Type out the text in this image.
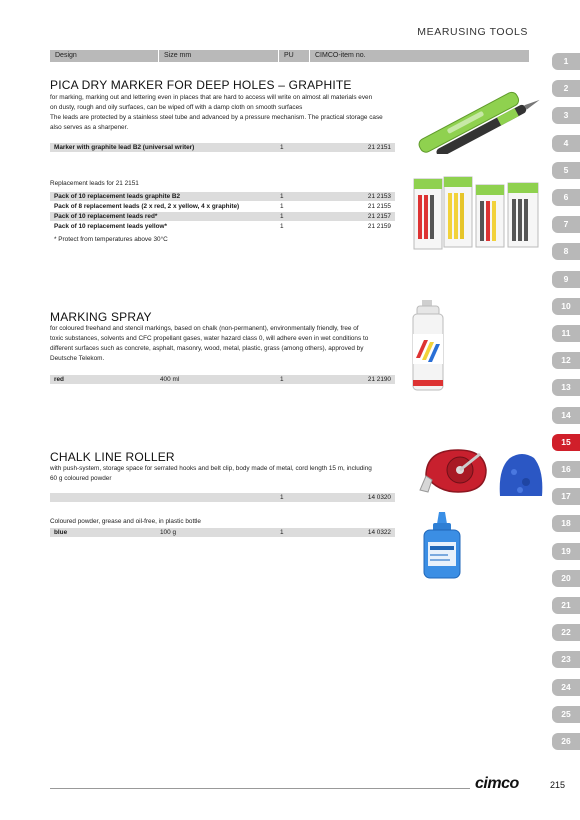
MEARUSING TOOLS
Design	Size mm	PU	CIMCO-item no.
PICA DRY MARKER FOR DEEP HOLES – GRAPHITE

for marking, marking out and lettering even in places that are hard to access will write on almost all materials even

on dusty, rough and oily surfaces, can be wiped off with a damp cloth on smooth surfaces

The leads are protected by a stainless steel tube and advanced by a pressure mechanism. The practical storage case

also serves as a sharpener.

Marker with graphite lead B2 (universal writer)	1	21 2151
Replacement leads for 21 2151
Pack of 10 replacement leads graphite B2	1	21 2153
Pack of 8 replacement leads (2 x red, 2 x yellow, 4 x graphite)	1	21 2155
Pack of 10 replacement leads red*	1	21 2157
Pack of 10 replacement leads yellow*	1	21 2159
* Protect from temperatures above 30°C
MARKING SPRAY

for coloured freehand and stencil markings, based on chalk (non-permanent), environmentally friendly, free of

toxic substances, solvents and CFC propellant gases, water hazard class 0, will adhere even in wet conditions to

different surfaces such as concrete, asphalt, masonry, wood, metal, plastic, grass (among others), approved by

Deutsche Telekom.

red	400 ml	1	21 2190
CHALK LINE ROLLER

with push-system, storage space for serrated hooks and belt clip, body made of metal, cord length 15 m, including

60 g coloured powder

1	14 0320
Coloured powder, grease and oil-free, in plastic bottle
blue	100 g	1	14 0322
1
2
3
4
5
6
7
8
9
10
11
12
13
14
15
16
17
18
19
20
21
22
23
24
25
26
cimco	215
